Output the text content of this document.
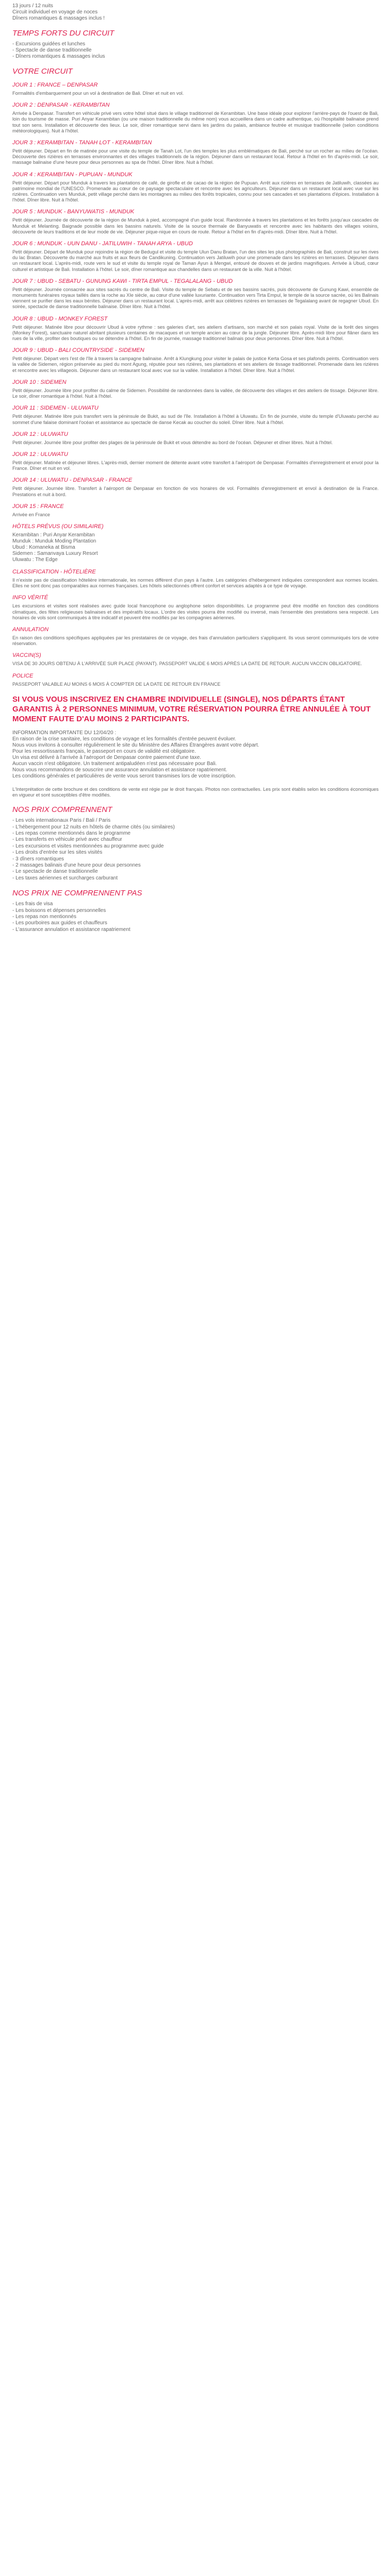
13 jours / 12 nuits

Circuit individuel en voyage de noces

Dîners romantiques & massages inclus !

TEMPS FORTS DU CIRCUIT

- Excursions guidées et lunches

- Spectacle de danse traditionnelle

- Dîners romantiques & massages inclus

VOTRE CIRCUIT
JOUR 1 : FRANCE – DENPASAR

Formalités d'embarquement pour un vol à destination de Bali. Dîner et nuit en vol.

JOUR 2 : DENPASAR - KERAMBITAN

Arrivée à Denpasar. Transfert en véhicule privé vers votre hôtel situé dans le village traditionnel de Kerambitan. Une base idéale pour explorer l'arrière-pays de l'ouest de Bali, loin du tourisme de masse. Puri Anyar Kerambitan (ou une maison traditionnelle du même nom) vous accueillera dans un cadre authentique, où l'hospitalité balinaise prend tout son sens. Installation et découverte des lieux. Le soir, dîner romantique servi dans les jardins du palais, ambiance feutrée et musique traditionnelle (selon conditions météorologiques). Nuit à l'hôtel.

JOUR 3 : KERAMBITAN - TANAH LOT - KERAMBITAN

Petit déjeuner. Départ en fin de matinée pour une visite du temple de Tanah Lot, l'un des temples les plus emblématiques de Bali, perché sur un rocher au milieu de l'océan. Découverte des rizières en terrasses environnantes et des villages traditionnels de la région. Déjeuner dans un restaurant local. Retour à l'hôtel en fin d'après-midi. Le soir, massage balinaise d'une heure pour deux personnes au spa de l'hôtel. Dîner libre. Nuit à l'hôtel.

JOUR 4 : KERAMBITAN - PUPUAN - MUNDUK

Petit déjeuner. Départ pour Munduk à travers les plantations de café, de girofle et de cacao de la région de Pupuan. Arrêt aux rizières en terrasses de Jatiluwih, classées au patrimoine mondial de l'UNESCO. Promenade au cœur de ce paysage spectaculaire et rencontre avec les agriculteurs. Déjeuner dans un restaurant local avec vue sur les rizières. Continuation vers Munduk, petit village perché dans les montagnes au milieu des forêts tropicales, connu pour ses cascades et ses plantations d'épices. Installation à l'hôtel. Dîner libre. Nuit à l'hôtel.

JOUR 5 : MUNDUK - BANYUWATIS - MUNDUK

Petit déjeuner. Journée de découverte de la région de Munduk à pied, accompagné d'un guide local. Randonnée à travers les plantations et les forêts jusqu'aux cascades de Munduk et Melanting. Baignade possible dans les bassins naturels. Visite de la source thermale de Banyuwatis et rencontre avec les habitants des villages voisins, découverte de leurs traditions et de leur mode de vie. Déjeuner pique-nique en cours de route. Retour à l'hôtel en fin d'après-midi. Dîner libre. Nuit à l'hôtel.

JOUR 6 : MUNDUK - UUN DANU - JATILUWIH - TANAH ARYA - UBUD

Petit déjeuner. Départ de Munduk pour rejoindre la région de Bedugul et visite du temple Ulun Danu Bratan, l'un des sites les plus photographiés de Bali, construit sur les rives du lac Bratan. Découverte du marché aux fruits et aux fleurs de Candikuning. Continuation vers Jatiluwih pour une promenade dans les rizières en terrasses. Déjeuner dans un restaurant local. L'après-midi, route vers le sud et visite du temple royal de Taman Ayun à Mengwi, entouré de douves et de jardins magnifiques. Arrivée à Ubud, cœur culturel et artistique de Bali. Installation à l'hôtel. Le soir, dîner romantique aux chandelles dans un restaurant de la ville. Nuit à l'hôtel.

JOUR 7 : UBUD - SEBATU - GUNUNG KAWI - TIRTA EMPUL - TEGALALANG - UBUD

Petit déjeuner. Journée consacrée aux sites sacrés du centre de Bali. Visite du temple de Sebatu et de ses bassins sacrés, puis découverte de Gunung Kawi, ensemble de monuments funéraires royaux taillés dans la roche au XIe siècle, au cœur d'une vallée luxuriante. Continuation vers Tirta Empul, le temple de la source sacrée, où les Balinais viennent se purifier dans les eaux bénites. Déjeuner dans un restaurant local. L'après-midi, arrêt aux célèbres rizières en terrasses de Tegalalang avant de regagner Ubud. En soirée, spectacle de danse traditionnelle balinaise. Dîner libre. Nuit à l'hôtel.

JOUR 8 : UBUD - MONKEY FOREST

Petit déjeuner. Matinée libre pour découvrir Ubud à votre rythme : ses galeries d'art, ses ateliers d'artisans, son marché et son palais royal. Visite de la forêt des singes (Monkey Forest), sanctuaire naturel abritant plusieurs centaines de macaques et un temple ancien au cœur de la jungle. Déjeuner libre. Après-midi libre pour flâner dans les rues de la ville, profiter des boutiques ou se détendre à l'hôtel. En fin de journée, massage traditionnel balinais pour deux personnes. Dîner libre. Nuit à l'hôtel.

JOUR 9 : UBUD - BALI COUNTRYSIDE - SIDEMEN

Petit déjeuner. Départ vers l'est de l'île à travers la campagne balinaise. Arrêt à Klungkung pour visiter le palais de justice Kerta Gosa et ses plafonds peints. Continuation vers la vallée de Sidemen, région préservée au pied du mont Agung, réputée pour ses rizières, ses plantations et ses ateliers de tissage traditionnel. Promenade dans les rizières et rencontre avec les villageois. Déjeuner dans un restaurant local avec vue sur la vallée. Installation à l'hôtel. Dîner libre. Nuit à l'hôtel.

JOUR 10 : SIDEMEN

Petit déjeuner. Journée libre pour profiter du calme de Sidemen. Possibilité de randonnées dans la vallée, de découverte des villages et des ateliers de tissage. Déjeuner libre. Le soir, dîner romantique à l'hôtel. Nuit à l'hôtel.

JOUR 11 : SIDEMEN - ULUWATU

Petit déjeuner. Matinée libre puis transfert vers la péninsule de Bukit, au sud de l'île. Installation à l'hôtel à Uluwatu. En fin de journée, visite du temple d'Uluwatu perché au sommet d'une falaise dominant l'océan et assistance au spectacle de danse Kecak au coucher du soleil. Dîner libre. Nuit à l'hôtel.

JOUR 12 : ULUWATU

Petit déjeuner. Journée libre pour profiter des plages de la péninsule de Bukit et vous détendre au bord de l'océan. Déjeuner et dîner libres. Nuit à l'hôtel.

JOUR 12 : ULUWATU

Petit déjeuner. Matinée et déjeuner libres. L'après-midi, dernier moment de détente avant votre transfert à l'aéroport de Denpasar. Formalités d'enregistrement et envol pour la France. Dîner et nuit en vol.

JOUR 14 : ULUWATU - DENPASAR - FRANCE

Petit déjeuner. Journée libre. Transfert à l'aéroport de Denpasar en fonction de vos horaires de vol. Formalités d'enregistrement et envol à destination de la France. Prestations et nuit à bord.

JOUR 15 : FRANCE

Arrivée en France

HÔTELS PRÉVUS (OU SIMILAIRE)

Kerambitan : Puri Anyar Kerambitan

Munduk : Munduk Moding Plantation

Ubud : Komaneka at Bisma

Sidemen : Samanvaya Luxury Resort

Uluwatu : The Edge

CLASSIFICATION - HÔTELIÈRE

Il n'existe pas de classification hôtelière internationale, les normes diffèrent d'un pays à l'autre. Les catégories d'hébergement indiquées correspondent aux normes locales. Elles ne sont donc pas comparables aux normes françaises. Les hôtels sélectionnés offrent confort et services adaptés à ce type de voyage.

INFO VÉRITÉ

Les excursions et visites sont réalisées avec guide local francophone ou anglophone selon disponibilités. Le programme peut être modifié en fonction des conditions climatiques, des fêtes religieuses balinaises et des impératifs locaux. L'ordre des visites pourra être modifié ou inversé, mais l'ensemble des prestations sera respecté. Les horaires de vols sont communiqués à titre indicatif et peuvent être modifiés par les compagnies aériennes.

ANNULATION

En raison des conditions spécifiques appliquées par les prestataires de ce voyage, des frais d'annulation particuliers s'appliquent. Ils vous seront communiqués lors de votre réservation.

VACCIN(S)

VISA DE 30 JOURS OBTENU À L'ARRIVÉE SUR PLACE (PAYANT). PASSEPORT VALIDE 6 MOIS APRÈS LA DATE DE RETOUR. AUCUN VACCIN OBLIGATOIRE.

POLICE

PASSEPORT VALABLE AU MOINS 6 MOIS À COMPTER DE LA DATE DE RETOUR EN FRANCE

SI VOUS VOUS INSCRIVEZ EN CHAMBRE INDIVIDUELLE (SINGLE), NOS DÉPARTS ÉTANT GARANTIS À 2 PERSONNES MINIMUM, VOTRE RÉSERVATION POURRA ÊTRE ANNULÉE À TOUT MOMENT FAUTE D'AU MOINS 2 PARTICIPANTS.

INFORMATION IMPORTANTE DU 12/04/20 :

En raison de la crise sanitaire, les conditions de voyage et les formalités d'entrée peuvent évoluer.

Nous vous invitons à consulter régulièrement le site du Ministère des Affaires Étrangères avant votre départ.

Pour les ressortissants français, le passeport en cours de validité est obligatoire.

Un visa est délivré à l'arrivée à l'aéroport de Denpasar contre paiement d'une taxe.

Aucun vaccin n'est obligatoire. Un traitement antipaludéen n'est pas nécessaire pour Bali.

Nous vous recommandons de souscrire une assurance annulation et assistance rapatriement.

Les conditions générales et particulières de vente vous seront transmises lors de votre inscription.

L'Interprétation de cette brochure et des conditions de vente est régie par le droit français. Photos non contractuelles. Les prix sont établis selon les conditions économiques en vigueur et sont susceptibles d'être modifiés.

NOS PRIX COMPRENNENT
- Les vols internationaux Paris / Bali / Paris
- L'hébergement pour 12 nuits en hôtels de charme cités (ou similaires)
- Les repas comme mentionnés dans le programme
- Les transferts en véhicule privé avec chauffeur
- Les excursions et visites mentionnées au programme avec guide
- Les droits d'entrée sur les sites visités
- 3 dîners romantiques
- 2 massages balinais d'une heure pour deux personnes
- Le spectacle de danse traditionnelle
- Les taxes aériennes et surcharges carburant
NOS PRIX NE COMPRENNENT PAS
- Les frais de visa
- Les boissons et dépenses personnelles
- Les repas non mentionnés
- Les pourboires aux guides et chauffeurs
- L'assurance annulation et assistance rapatriement
